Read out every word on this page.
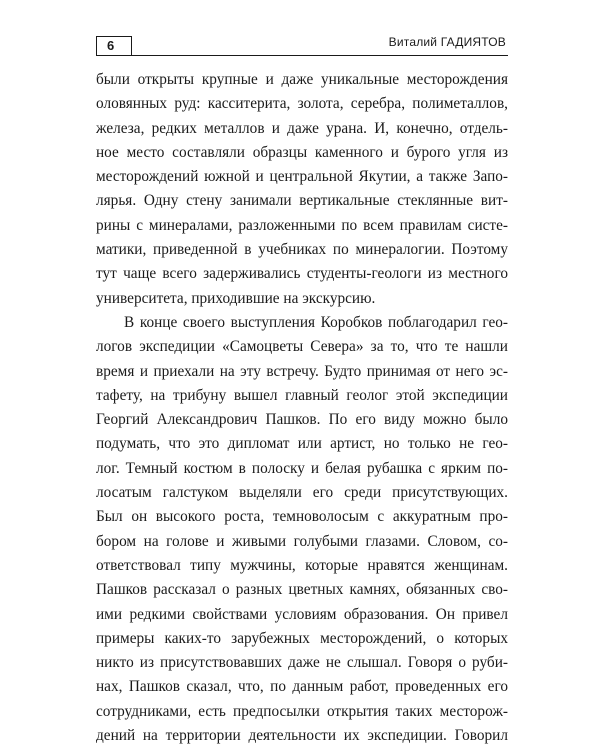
6	Виталий ГАДИЯТОВ
были открыты крупные и даже уникальные месторождения
оловянных руд: касситерита, золота, серебра, полиметаллов,
железа, редких металлов и даже урана. И, конечно, отдель-
ное место составляли образцы каменного и бурого угля из
месторождений южной и центральной Якутии, а также Запо-
лярья. Одну стену занимали вертикальные стеклянные вит-
рины с минералами, разложенными по всем правилам систе-
матики, приведенной в учебниках по минералогии. Поэтому
тут чаще всего задерживались студенты-геологи из местного
университета, приходившие на экскурсию.
В конце своего выступления Коробков поблагодарил гео-
логов экспедиции «Самоцветы Севера» за то, что те нашли
время и приехали на эту встречу. Будто принимая от него эс-
тафету, на трибуну вышел главный геолог этой экспедиции
Георгий Александрович Пашков. По его виду можно было
подумать, что это дипломат или артист, но только не гео-
лог. Темный костюм в полоску и белая рубашка с ярким по-
лосатым галстуком выделяли его среди присутствующих.
Был он высокого роста, темноволосым с аккуратным про-
бором на голове и живыми голубыми глазами. Словом, со-
ответствовал типу мужчины, которые нравятся женщинам.
Пашков рассказал о разных цветных камнях, обязанных сво-
ими редкими свойствами условиям образования. Он привел
примеры каких-то зарубежных месторождений, о которых
никто из присутствовавших даже не слышал. Говоря о руби-
нах, Пашков сказал, что, по данным работ, проведенных его
сотрудниками, есть предпосылки открытия таких месторож-
дений на территории деятельности их экспедиции. Говорил
